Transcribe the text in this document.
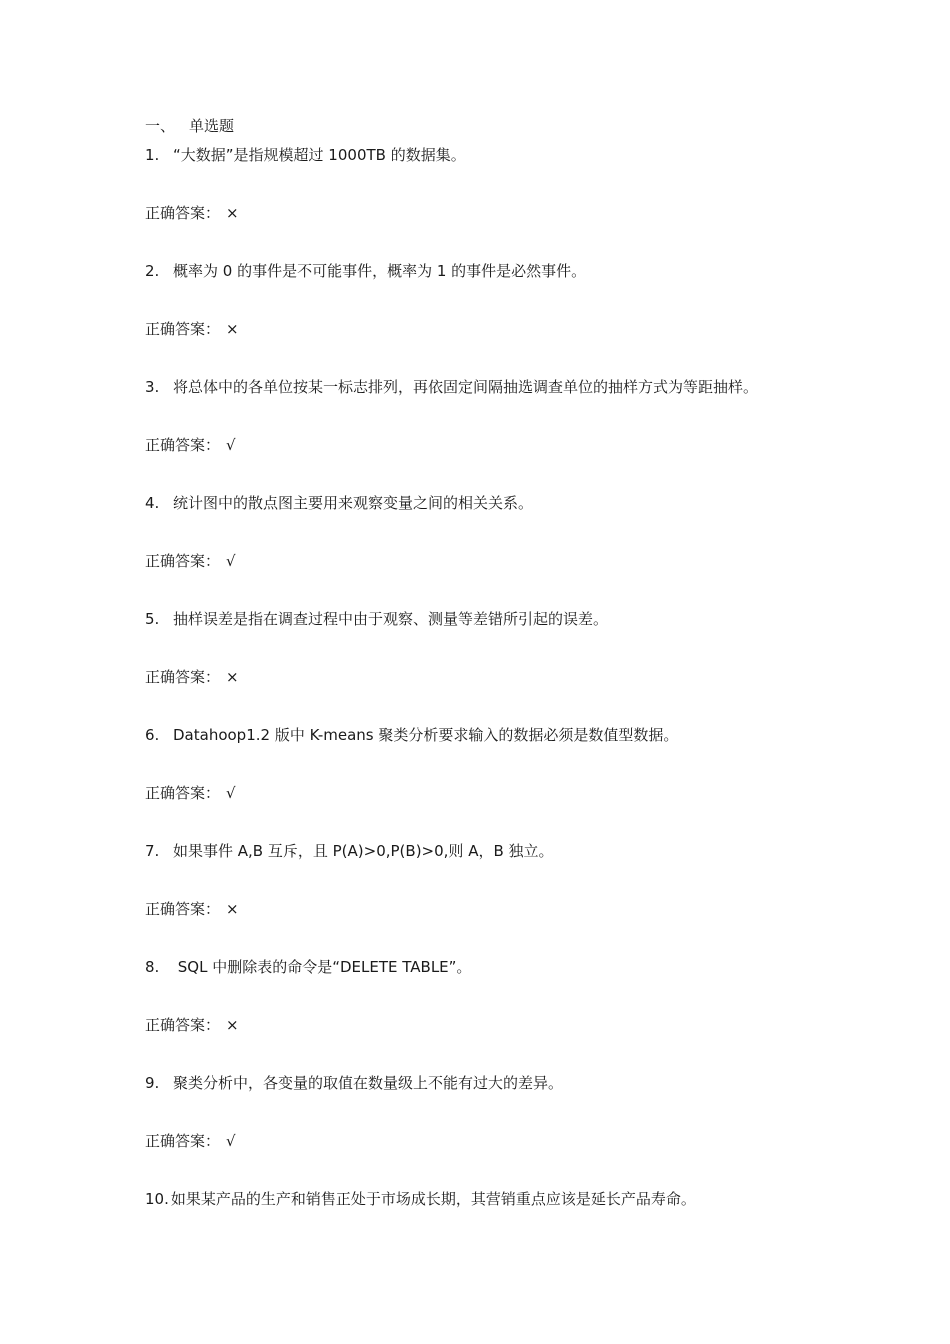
一、 单选题
1. “大数据”是指规模超过 1000TB 的数据集。
正确答案： ×
2. 概率为 0 的事件是不可能事件，概率为 1 的事件是必然事件。
正确答案： ×
3. 将总体中的各单位按某一标志排列，再依固定间隔抽选调查单位的抽样方式为等距抽样。
正确答案： √
4. 统计图中的散点图主要用来观察变量之间的相关关系。
正确答案： √
5. 抽样误差是指在调查过程中由于观察、测量等差错所引起的误差。
正确答案： ×
6. Datahoop1.2 版中 K-means 聚类分析要求输入的数据必须是数值型数据。
正确答案： √
7. 如果事件 A,B 互斥，且 P(A)>0,P(B)>0,则 A，B 独立。
正确答案： ×
8. SQL 中删除表的命令是“DELETE TABLE”。
正确答案： ×
9. 聚类分析中，各变量的取值在数量级上不能有过大的差异。
正确答案： √
10. 如果某产品的生产和销售正处于市场成长期，其营销重点应该是延长产品寿命。
